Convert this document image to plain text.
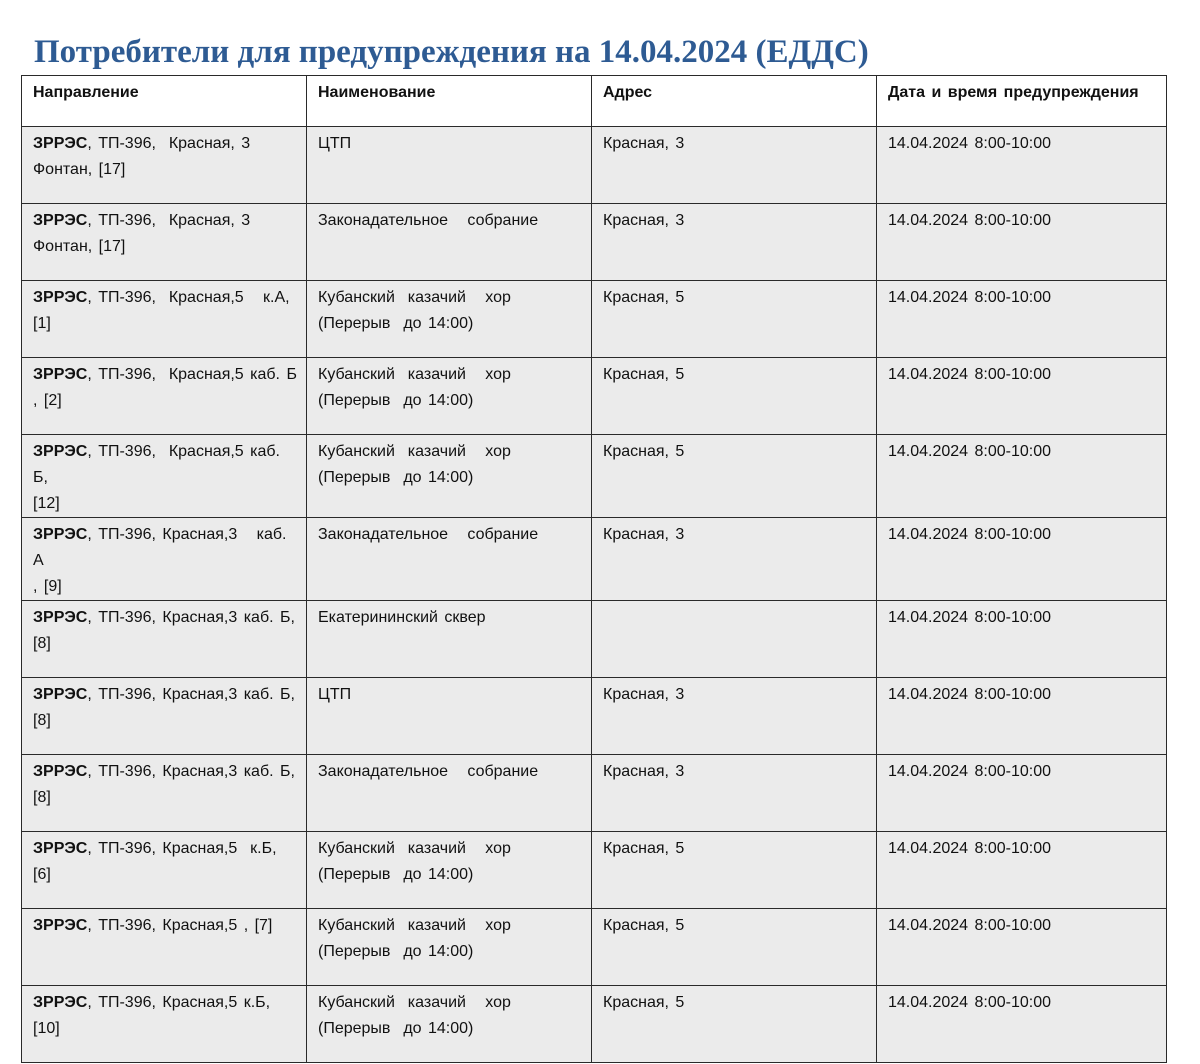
Потребители для предупреждения на 14.04.2024 (ЕДДС)
Направление	Наименование	Адрес	Дата и время предупреждения
ЗРРЭС, ТП-396,  Красная, 3
Фонтан, [17]	ЦТП	Красная, 3	14.04.2024 8:00-10:00
ЗРРЭС, ТП-396,  Красная, 3
Фонтан, [17]	Законадательное   собрание	Красная, 3	14.04.2024 8:00-10:00
ЗРРЭС, ТП-396,  Красная,5   к.А,
[1]	Кубанский  казачий   хор
(Перерыв  до 14:00)	Красная, 5	14.04.2024 8:00-10:00
ЗРРЭС, ТП-396,  Красная,5 каб. Б
, [2]	Кубанский  казачий   хор
(Перерыв  до 14:00)	Красная, 5	14.04.2024 8:00-10:00
ЗРРЭС, ТП-396,  Красная,5 каб. Б,
[12]	Кубанский  казачий   хор
(Перерыв  до 14:00)	Красная, 5	14.04.2024 8:00-10:00
ЗРРЭС, ТП-396, Красная,3   каб. А
, [9]	Законадательное   собрание	Красная, 3	14.04.2024 8:00-10:00
ЗРРЭС, ТП-396, Красная,3 каб. Б,
[8]	Екатерининский сквер		14.04.2024 8:00-10:00
ЗРРЭС, ТП-396, Красная,3 каб. Б,
[8]	ЦТП	Красная, 3	14.04.2024 8:00-10:00
ЗРРЭС, ТП-396, Красная,3 каб. Б,
[8]	Законадательное   собрание	Красная, 3	14.04.2024 8:00-10:00
ЗРРЭС, ТП-396, Красная,5  к.Б, [6]	Кубанский  казачий   хор
(Перерыв  до 14:00)	Красная, 5	14.04.2024 8:00-10:00
ЗРРЭС, ТП-396, Красная,5 , [7]	Кубанский  казачий   хор
(Перерыв  до 14:00)	Красная, 5	14.04.2024 8:00-10:00
ЗРРЭС, ТП-396, Красная,5 к.Б,
[10]	Кубанский  казачий   хор
(Перерыв  до 14:00)	Красная, 5	14.04.2024 8:00-10:00
